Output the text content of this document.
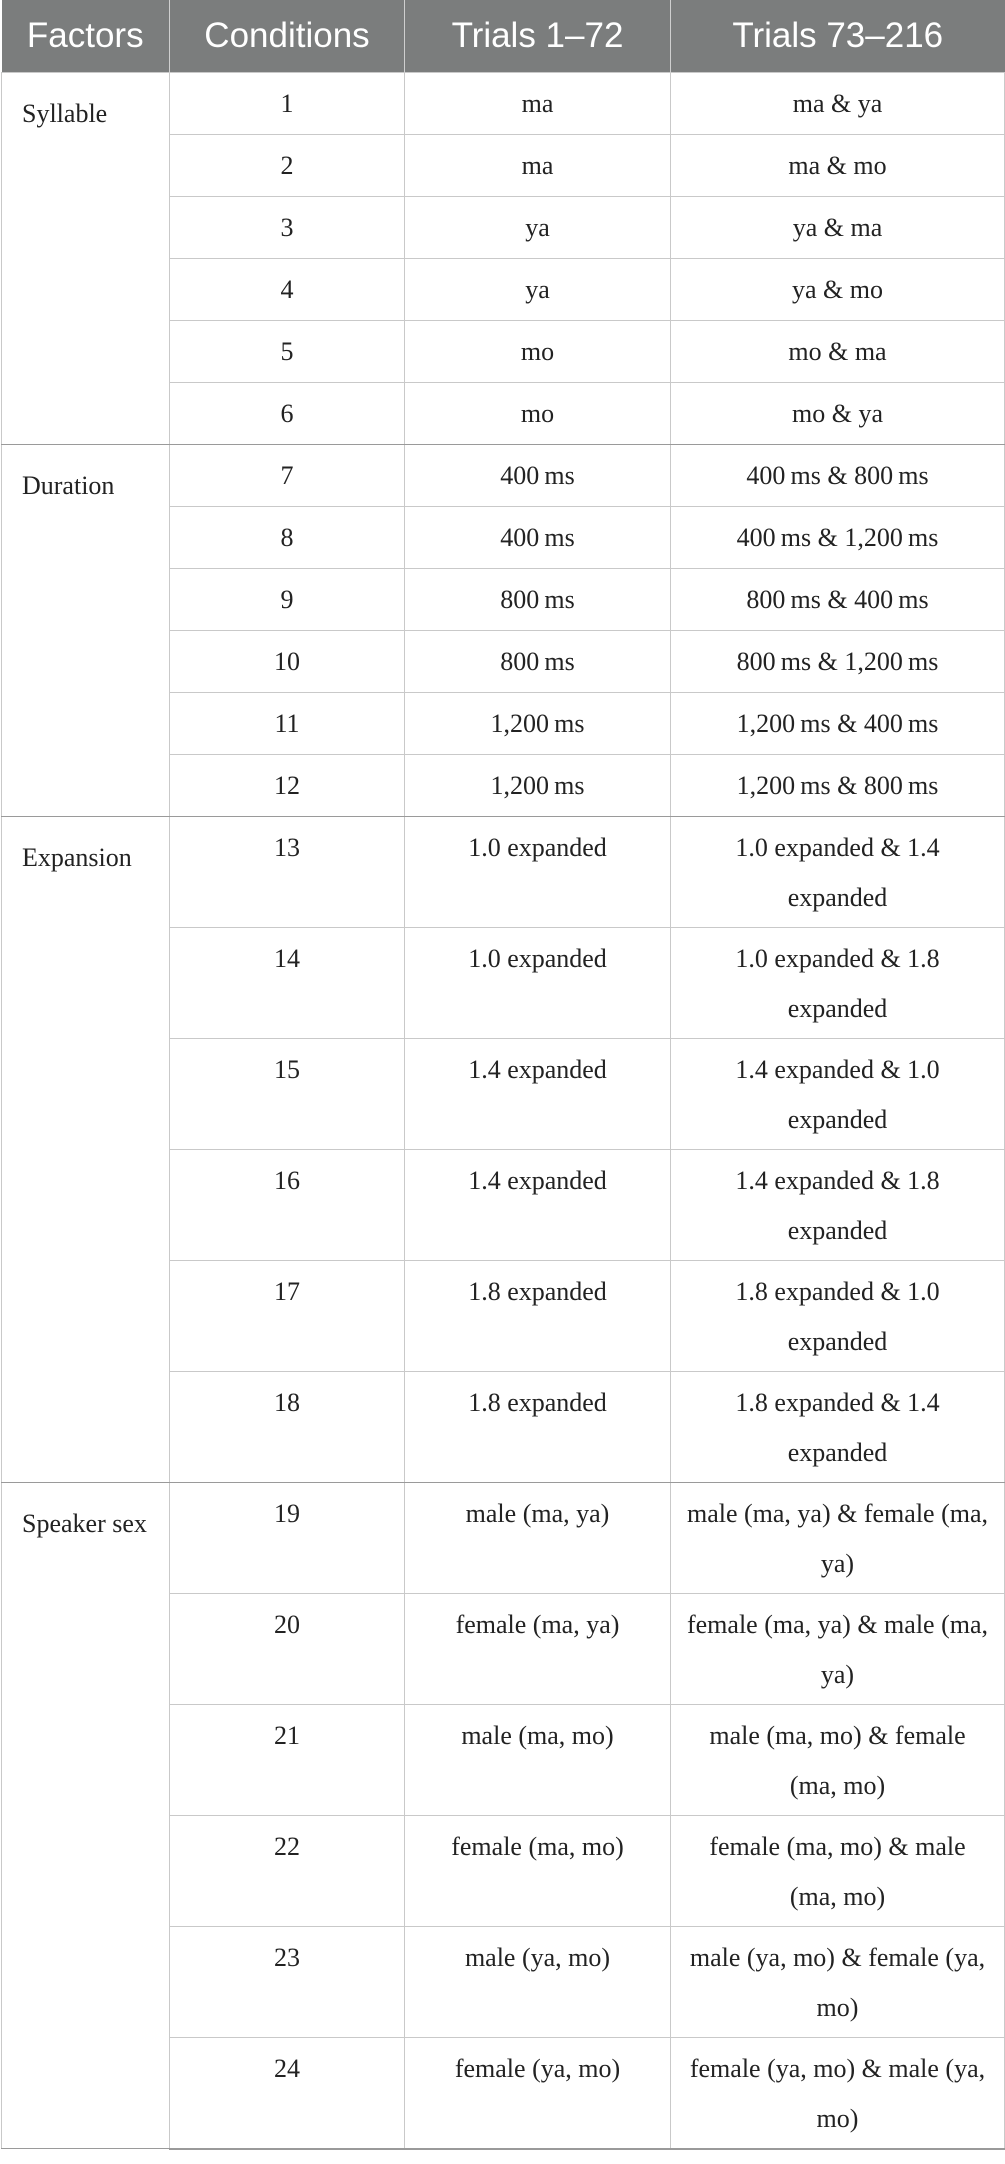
Factors	Conditions	Trials 1–72	Trials 73–216
Syllable	1	ma	ma & ya
	2	ma	ma & mo
	3	ya	ya & ma
	4	ya	ya & mo
	5	mo	mo & ma
	6	mo	mo & ya
Duration	7	400 ms	400 ms & 800 ms
	8	400 ms	400 ms & 1,200 ms
	9	800 ms	800 ms & 400 ms
	10	800 ms	800 ms & 1,200 ms
	11	1,200 ms	1,200 ms & 400 ms
	12	1,200 ms	1,200 ms & 800 ms
Expansion	13	1.0 expanded	1.0 expanded & 1.4 expanded
	14	1.0 expanded	1.0 expanded & 1.8 expanded
	15	1.4 expanded	1.4 expanded & 1.0 expanded
	16	1.4 expanded	1.4 expanded & 1.8 expanded
	17	1.8 expanded	1.8 expanded & 1.0 expanded
	18	1.8 expanded	1.8 expanded & 1.4 expanded
Speaker sex	19	male (ma, ya)	male (ma, ya) & female (ma, ya)
	20	female (ma, ya)	female (ma, ya) & male (ma, ya)
	21	male (ma, mo)	male (ma, mo) & female (ma, mo)
	22	female (ma, mo)	female (ma, mo) & male (ma, mo)
	23	male (ya, mo)	male (ya, mo) & female (ya, mo)
	24	female (ya, mo)	female (ya, mo) & male (ya, mo)
